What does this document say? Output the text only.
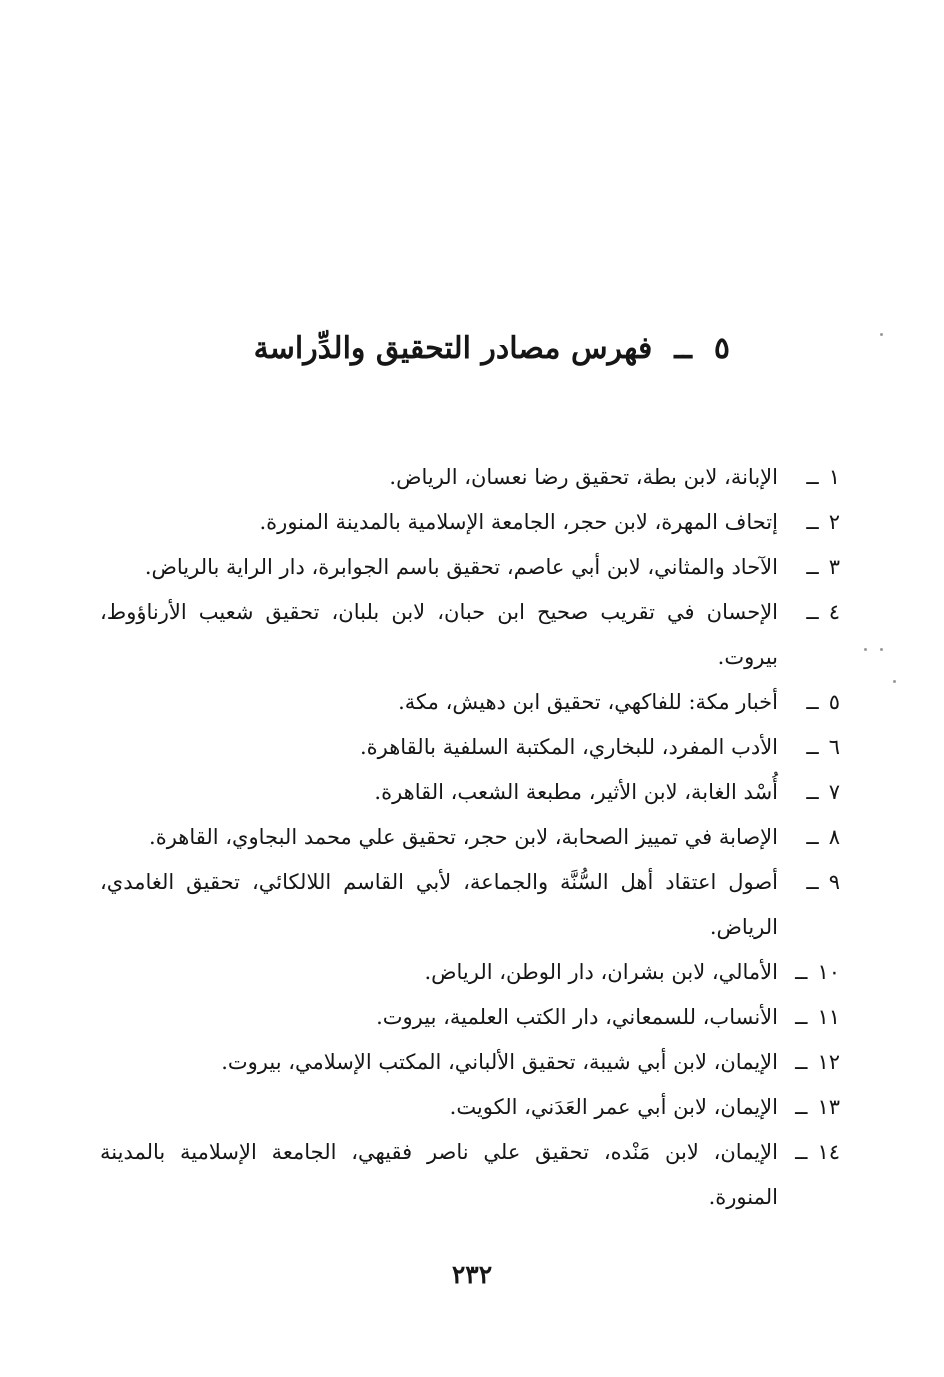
٥
ــ
فهرس مصادر التحقيق والدِّراسة
١
ــ
الإبانة، لابن بطة، تحقيق رضا نعسان، الرياض.
٢
ــ
إتحاف المهرة، لابن حجر، الجامعة الإسلامية بالمدينة المنورة.
٣
ــ
الآحاد والمثاني، لابن أبي عاصم، تحقيق باسم الجوابرة، دار الراية بالرياض.
٤
ــ
الإحسان في تقريب صحيح ابن حبان، لابن بلبان، تحقيق شعيب الأرناؤوط، بيروت.
٥
ــ
أخبار مكة: للفاكهي، تحقيق ابن دهيش، مكة.
٦
ــ
الأدب المفرد، للبخاري، المكتبة السلفية بالقاهرة.
٧
ــ
أُسْد الغابة، لابن الأثير، مطبعة الشعب، القاهرة.
٨
ــ
الإصابة في تمييز الصحابة، لابن حجر، تحقيق علي محمد البجاوي، القاهرة.
٩
ــ
أصول اعتقاد أهل السُّنَّة والجماعة، لأبي القاسم اللالكائي، تحقيق الغامدي، الرياض.
١٠
ــ
الأمالي، لابن بشران، دار الوطن، الرياض.
١١
ــ
الأنساب، للسمعاني، دار الكتب العلمية، بيروت.
١٢
ــ
الإيمان، لابن أبي شيبة، تحقيق الألباني، المكتب الإسلامي، بيروت.
١٣
ــ
الإيمان، لابن أبي عمر العَدَني، الكويت.
١٤
ــ
الإيمان، لابن مَنْده، تحقيق علي ناصر فقيهي، الجامعة الإسلامية بالمدينة المنورة.
٢٣٢
